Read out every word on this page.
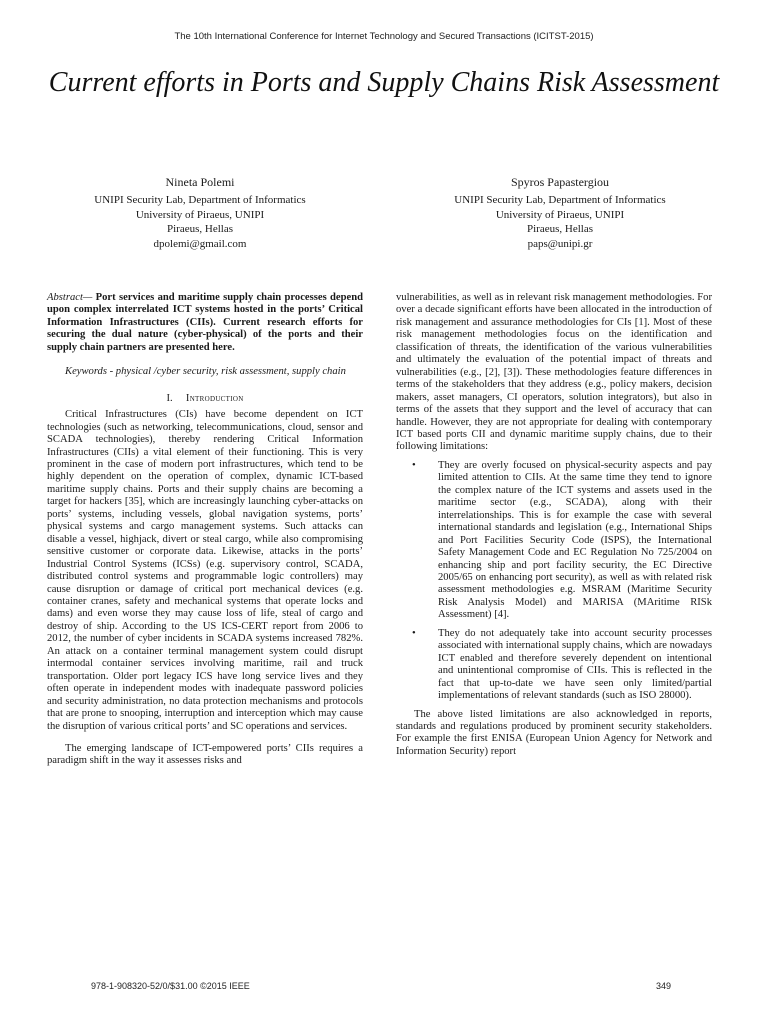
The 10th International Conference for Internet Technology and Secured Transactions (ICITST-2015)
Current efforts in Ports and Supply Chains Risk Assessment
Nineta Polemi
UNIPI Security Lab, Department of Informatics
University of Piraeus, UNIPI
Piraeus, Hellas
dpolemi@gmail.com
Spyros Papastergiou
UNIPI Security Lab, Department of Informatics
University of Piraeus, UNIPI
Piraeus, Hellas
paps@unipi.gr

Abstract— Port services and maritime supply chain processes depend upon complex interrelated ICT systems hosted in the ports’ Critical Information Infrastructures (CIIs). Current research efforts for securing the dual nature (cyber-physical) of the ports and their supply chain partners are presented here.

Keywords - physical /cyber security, risk assessment, supply chain

I. Introduction

Critical Infrastructures (CIs) have become dependent on ICT technologies (such as networking, telecommunications, cloud, sensor and SCADA technologies), thereby rendering Critical Information Infrastructures (CIIs) a vital element of their functioning. This is very prominent in the case of modern port infrastructures, which tend to be highly dependent on the operation of complex, dynamic ICT-based maritime supply chains. Ports and their supply chains are becoming a target for hackers [35], which are increasingly launching cyber-attacks on ports’ systems, including vessels, global navigation systems, ports’ physical systems and cargo management systems. Such attacks can disable a vessel, highjack, divert or steal cargo, while also compromising sensitive customer or corporate data. Likewise, attacks in the ports’ Industrial Control Systems (ICSs) (e.g. supervisory control, SCADA, distributed control systems and programmable logic controllers) may cause disruption or damage of critical port mechanical devices (e.g. container cranes, safety and mechanical systems that operate locks and dams) and even worse they may cause loss of life, steal of cargo and destroy of ship. According to the US ICS-CERT report from 2006 to 2012, the number of cyber incidents in SCADA systems increased 782%. An attack on a container terminal management system could disrupt intermodal container services involving maritime, rail and truck transportation. Older port legacy ICS have long service lives and they often operate in independent modes with inadequate password policies and security administration, no data protection mechanisms and protocols that are prone to snooping, interruption and interception which may cause the disruption of various critical ports’ and SC operations and services.

The emerging landscape of ICT-empowered ports’ CIIs requires a paradigm shift in the way it assesses risks and

vulnerabilities, as well as in relevant risk management methodologies. For over a decade significant efforts have been allocated in the introduction of risk management and assurance methodologies for CIs [1]. Most of these risk management methodologies focus on the identification and classification of threats, the identification of the various vulnerabilities and ultimately the evaluation of the potential impact of threats and vulnerabilities (e.g., [2], [3]). These methodologies feature differences in terms of the stakeholders that they address (e.g., policy makers, decision makers, asset managers, CI operators, solution integrators), but also in terms of the assets that they support and the level of accuracy that can handle. However, they are not appropriate for dealing with contemporary ICT based ports CII and dynamic maritime supply chains, due to their following limitations:

• They are overly focused on physical-security aspects and pay limited attention to CIIs. At the same time they tend to ignore the complex nature of the ICT systems and assets used in the maritime sector (e.g., SCADA), along with their interrelationships. This is for example the case with several international standards and legislation (e.g., International Ships and Port Facilities Security Code (ISPS), the International Safety Management Code and EC Regulation No 725/2004 on enhancing ship and port facility security, the EC Directive 2005/65 on enhancing port security), as well as with related risk assessment methodologies e.g. MSRAM (Maritime Security Risk Analysis Model) and MARISA (MAritime RISk Assessment) [4].
• They do not adequately take into account security processes associated with international supply chains, which are nowadays ICT enabled and therefore severely dependent on intentional and unintentional compromise of CIIs. This is reflected in the fact that up-to-date we have seen only limited/partial implementations of relevant standards (such as ISO 28000).

The above listed limitations are also acknowledged in reports, standards and regulations produced by prominent security stakeholders. For example the first ENISA (European Union Agency for Network and Information Security) report

978-1-908320-52/0/$31.00 ©2015 IEEE	349
